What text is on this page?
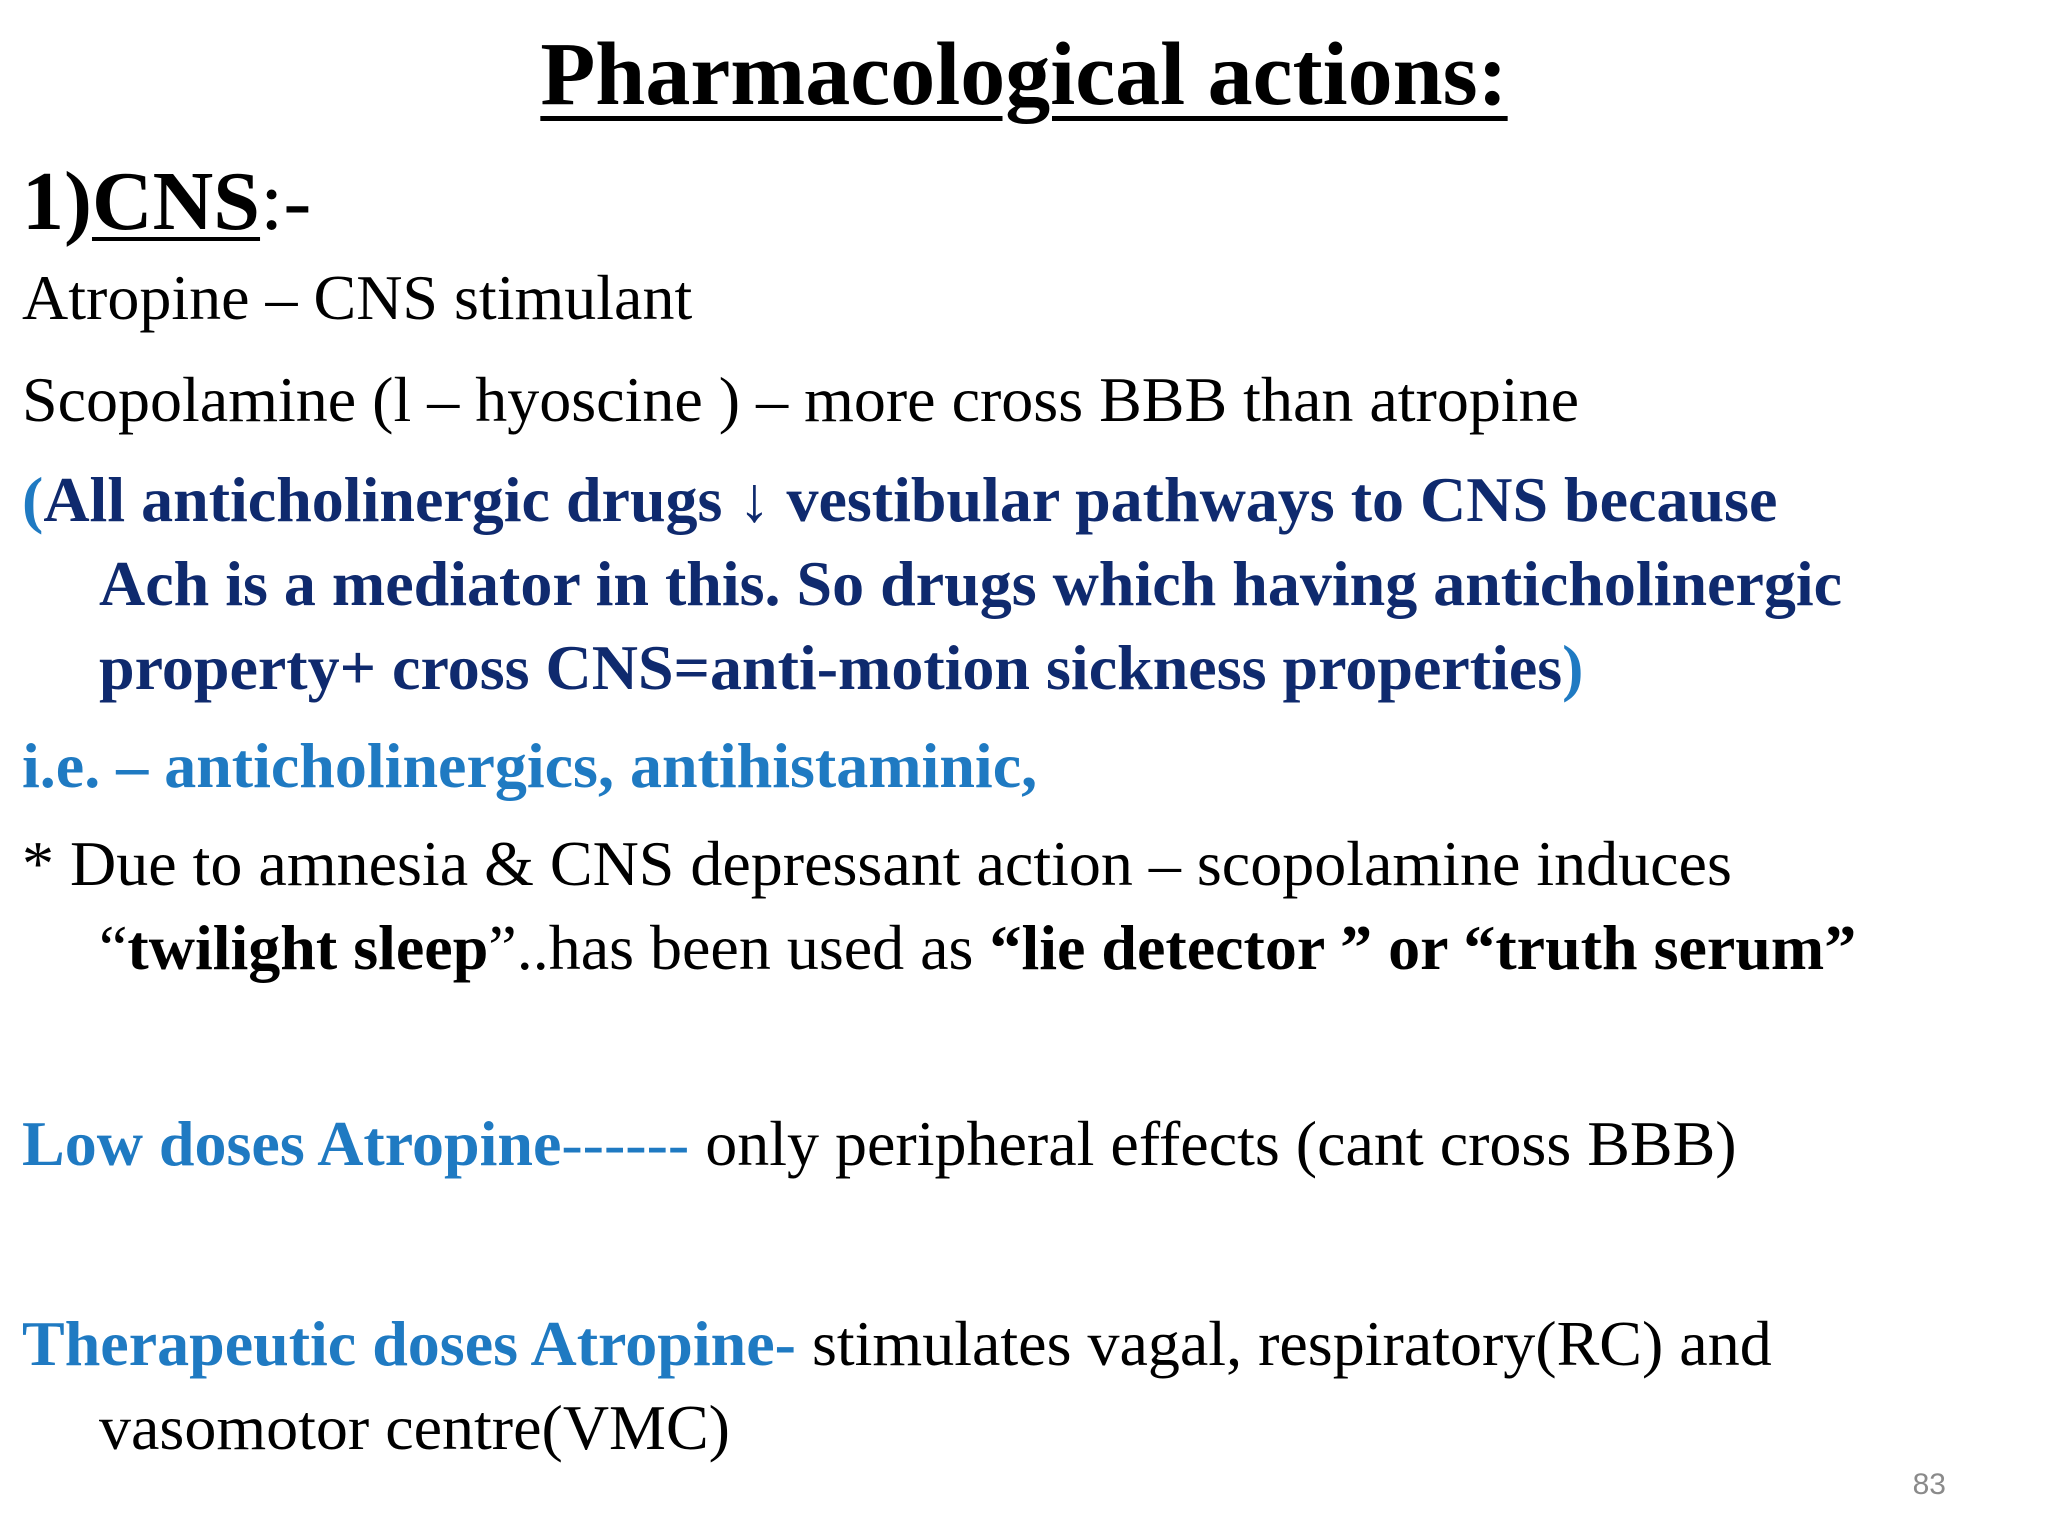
Pharmacological actions:
1)CNS:-
Atropine – CNS stimulant
Scopolamine (l – hyoscine ) – more cross BBB than atropine
(All anticholinergic drugs ↓ vestibular pathways to CNS because
Ach is a mediator in this. So drugs which having anticholinergic
property+ cross CNS=anti-motion sickness properties)
i.e. – anticholinergics, antihistaminic,
* Due to amnesia & CNS depressant action – scopolamine induces
“twilight sleep”..has been used as “lie detector ” or “truth serum”
Low doses Atropine------ only peripheral effects (cant cross BBB)
Therapeutic doses Atropine- stimulates vagal, respiratory(RC) and
vasomotor centre(VMC)
83
